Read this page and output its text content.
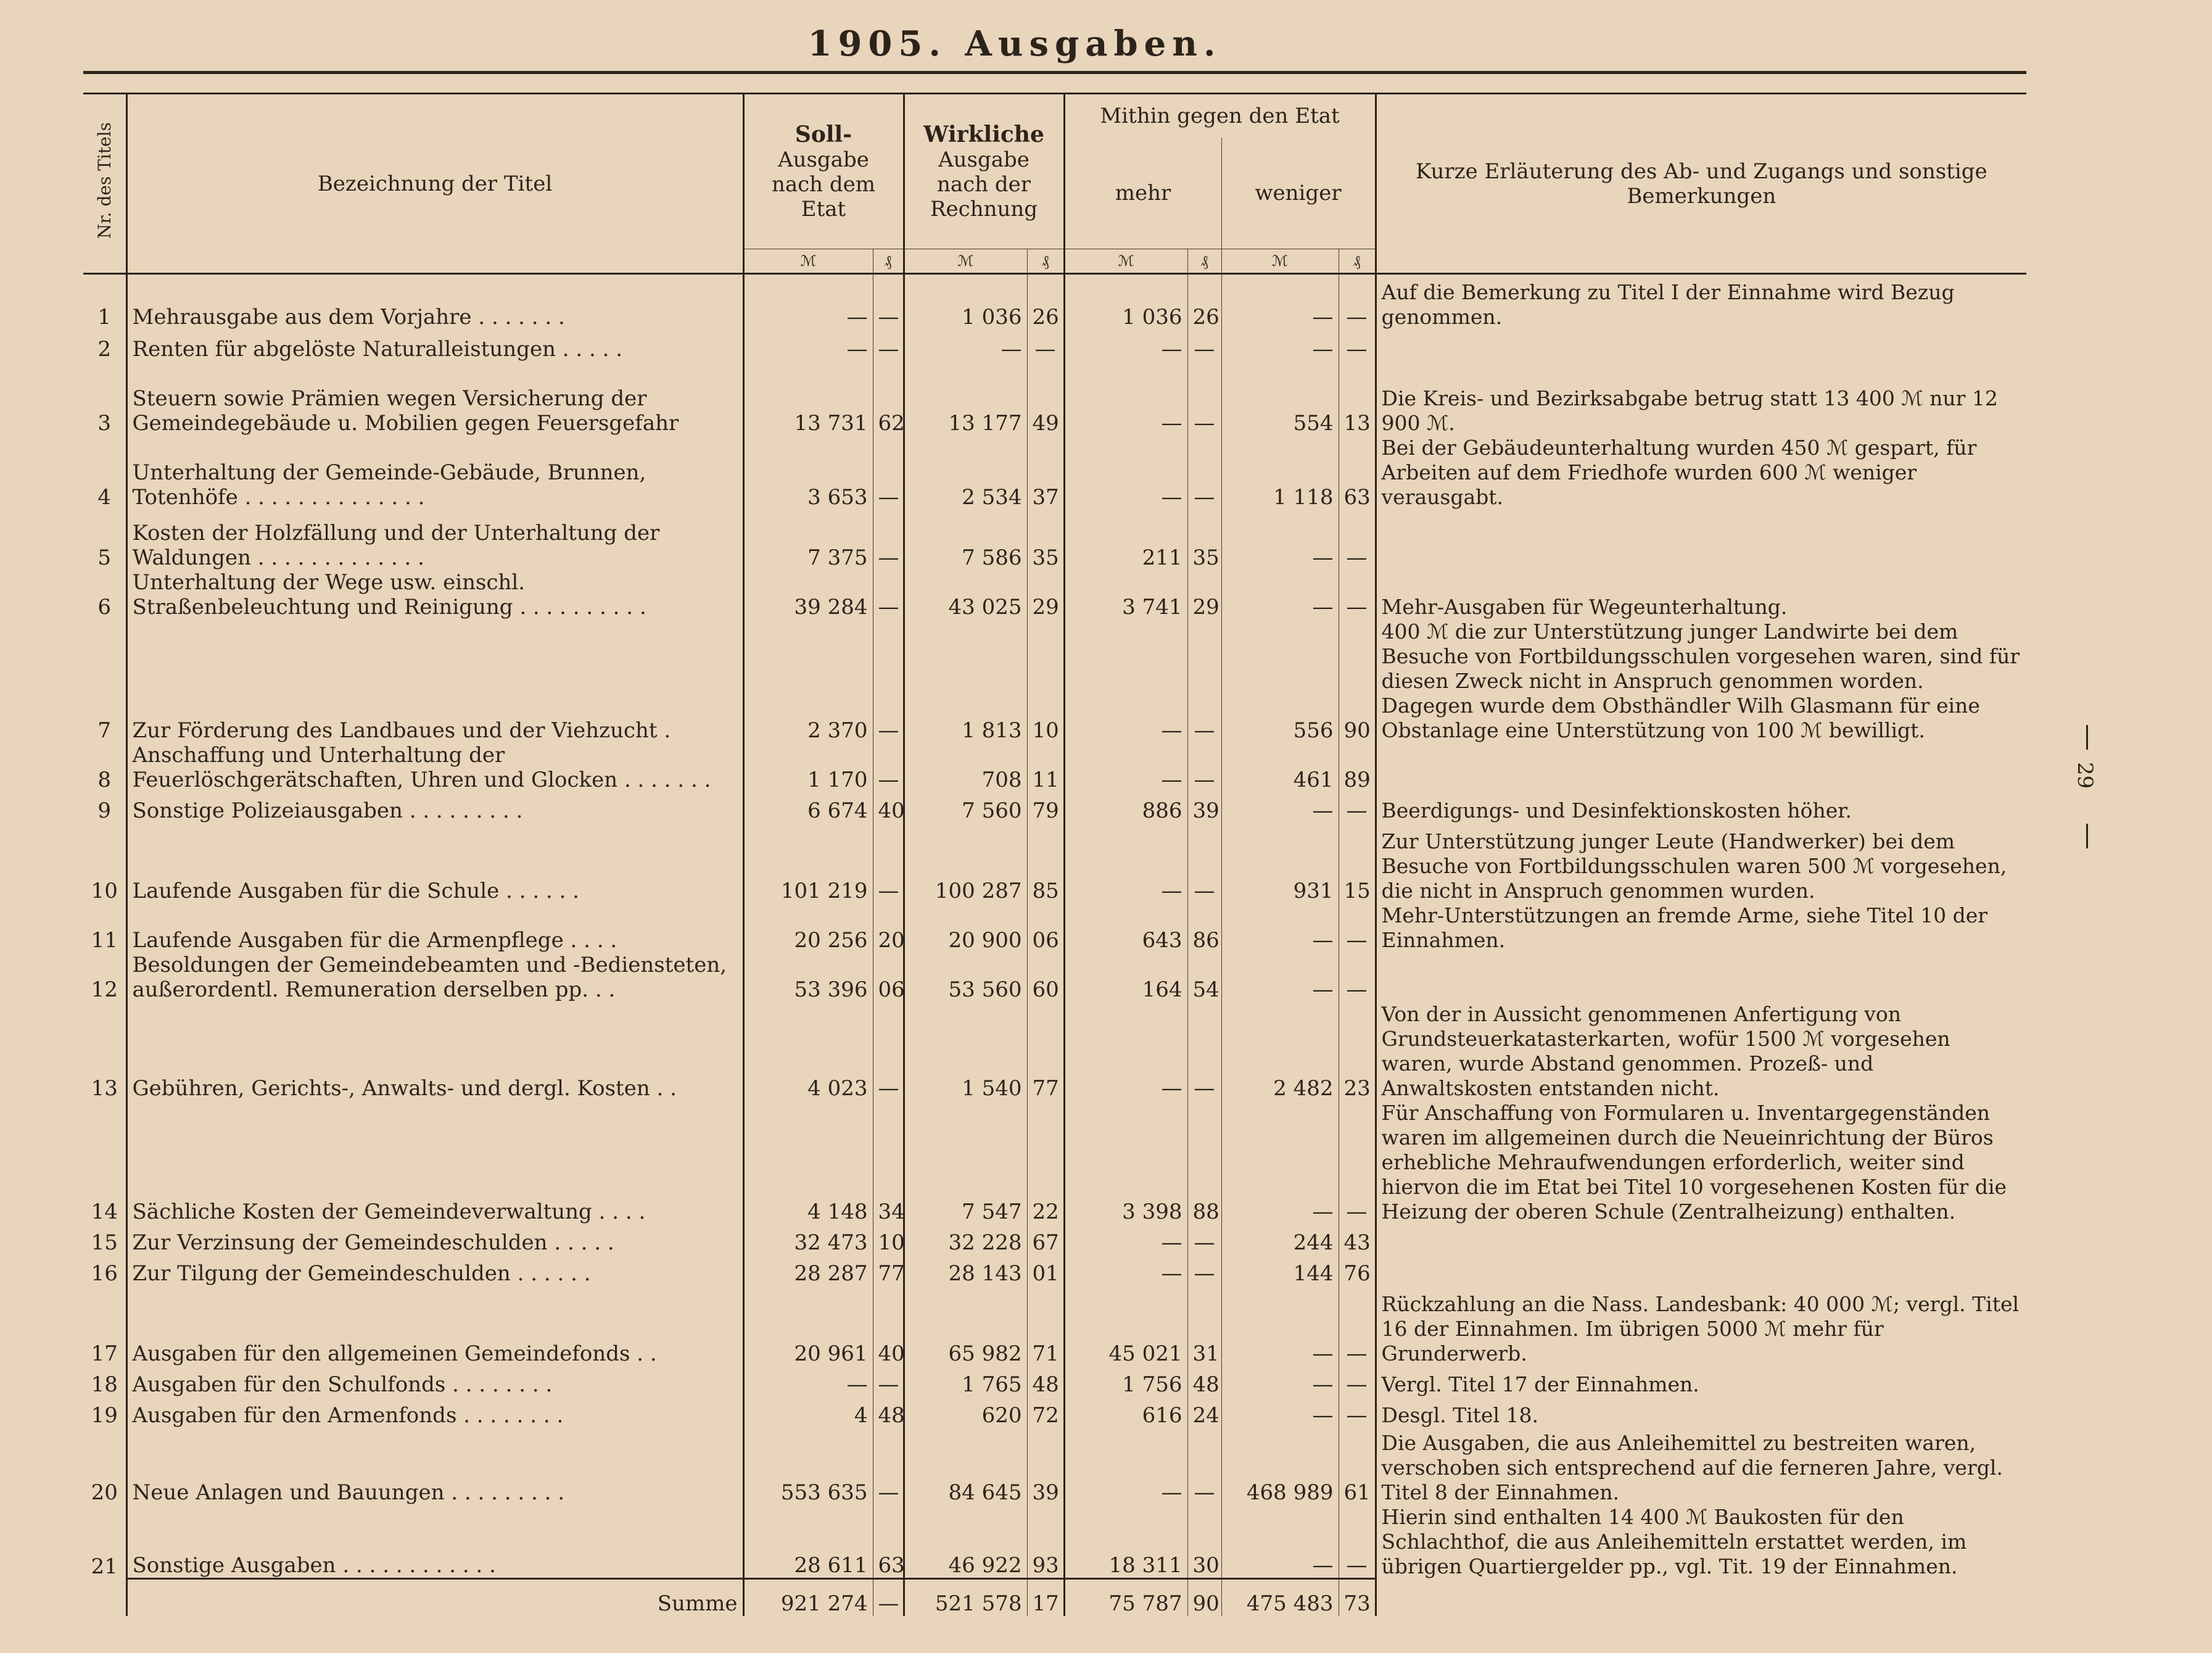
1905. Ausgaben.
Nr. des Titels	Bezeichnung der Titel	Soll-
Ausgabe nach dem Etat		Wirkliche
Ausgabe nach der Rechnung		Mithin gegen den Etat				Kurze Erläuterung des Ab- und Zugangs und sonstige Bemerkungen
						mehr		weniger		
		ℳ	₰	ℳ	₰	ℳ	₰	ℳ	₰	
1	Mehrausgabe aus dem Vorjahre . . . . . . .	—	—	1 036	26	1 036	26	—	—	Auf die Bemerkung zu Titel I der Einnahme wird Bezug genommen.
2	Renten für abgelöste Naturalleistungen . . . . .	—	—	—	—	—	—	—	—	
3	Steuern sowie Prämien wegen Versicherung der Gemeindegebäude u. Mobilien gegen Feuersgefahr	13 731	62	13 177	49	—	—	554	13	Die Kreis- und Bezirksabgabe betrug statt 13 400 ℳ nur 12 900 ℳ.
4	Unterhaltung der Gemeinde-Gebäude, Brunnen, Totenhöfe . . . . . . . . . . . . . .	3 653	—	2 534	37	—	—	1 118	63	Bei der Gebäudeunterhaltung wurden 450 ℳ gespart, für Arbeiten auf dem Friedhofe wurden 600 ℳ weniger verausgabt.
5	Kosten der Holzfällung und der Unterhaltung der Waldungen . . . . . . . . . . . . .	7 375	—	7 586	35	211	35	—	—	
6	Unterhaltung der Wege usw. einschl. Straßenbeleuchtung und Reinigung . . . . . . . . . .	39 284	—	43 025	29	3 741	29	—	—	Mehr-Ausgaben für Wegeunterhaltung.
7	Zur Förderung des Landbaues und der Viehzucht .	2 370	—	1 813	10	—	—	556	90	400 ℳ die zur Unterstützung junger Landwirte bei dem Besuche von Fortbildungsschulen vorgesehen waren, sind für diesen Zweck nicht in Anspruch genommen worden. Dagegen wurde dem Obsthändler Wilh Glasmann für eine Obstanlage eine Unterstützung von 100 ℳ bewilligt.
8	Anschaffung und Unterhaltung der Feuerlöschgerätschaften, Uhren und Glocken . . . . . . .	1 170	—	708	11	—	—	461	89	
9	Sonstige Polizeiausgaben . . . . . . . . .	6 674	40	7 560	79	886	39	—	—	Beerdigungs- und Desinfektionskosten höher.
10	Laufende Ausgaben für die Schule . . . . . .	101 219	—	100 287	85	—	—	931	15	Zur Unterstützung junger Leute (Handwerker) bei dem Besuche von Fortbildungsschulen waren 500 ℳ vorgesehen, die nicht in Anspruch genommen wurden.
11	Laufende Ausgaben für die Armenpflege . . . .	20 256	20	20 900	06	643	86	—	—	Mehr-Unterstützungen an fremde Arme, siehe Titel 10 der Einnahmen.
12	Besoldungen der Gemeindebeamten und -Bediensteten, außerordentl. Remuneration derselben pp. . .	53 396	06	53 560	60	164	54	—	—	
13	Gebühren, Gerichts-, Anwalts- und dergl. Kosten . .	4 023	—	1 540	77	—	—	2 482	23	Von der in Aussicht genommenen Anfertigung von Grundsteuerkatasterkarten, wofür 1500 ℳ vorgesehen waren, wurde Abstand genommen. Prozeß- und Anwaltskosten entstanden nicht.
14	Sächliche Kosten der Gemeindeverwaltung . . . .	4 148	34	7 547	22	3 398	88	—	—	Für Anschaffung von Formularen u. Inventargegenständen waren im allgemeinen durch die Neueinrichtung der Büros erhebliche Mehraufwendungen erforderlich, weiter sind hiervon die im Etat bei Titel 10 vorgesehenen Kosten für die Heizung der oberen Schule (Zentralheizung) enthalten.
15	Zur Verzinsung der Gemeindeschulden . . . . .	32 473	10	32 228	67	—	—	244	43	
16	Zur Tilgung der Gemeindeschulden . . . . . .	28 287	77	28 143	01	—	—	144	76	
17	Ausgaben für den allgemeinen Gemeindefonds . .	20 961	40	65 982	71	45 021	31	—	—	Rückzahlung an die Nass. Landesbank: 40 000 ℳ; vergl. Titel 16 der Einnahmen. Im übrigen 5000 ℳ mehr für Grunderwerb.
18	Ausgaben für den Schulfonds . . . . . . . .	—	—	1 765	48	1 756	48	—	—	Vergl. Titel 17 der Einnahmen.
19	Ausgaben für den Armenfonds . . . . . . . .	4	48	620	72	616	24	—	—	Desgl. Titel 18.
20	Neue Anlagen und Bauungen . . . . . . . . .	553 635	—	84 645	39	—	—	468 989	61	Die Ausgaben, die aus Anleihemittel zu bestreiten waren, verschoben sich entsprechend auf die ferneren Jahre, vergl. Titel 8 der Einnahmen.
21	Sonstige Ausgaben . . . . . . . . . . . .	28 611	63	46 922	93	18 311	30	—	—	Hierin sind enthalten 14 400 ℳ Baukosten für den Schlachthof, die aus Anleihemitteln erstattet werden, im übrigen Quartiergelder pp., vgl. Tit. 19 der Einnahmen.
	Summe	921 274	—	521 578	17	75 787	90	475 483	73	
29
